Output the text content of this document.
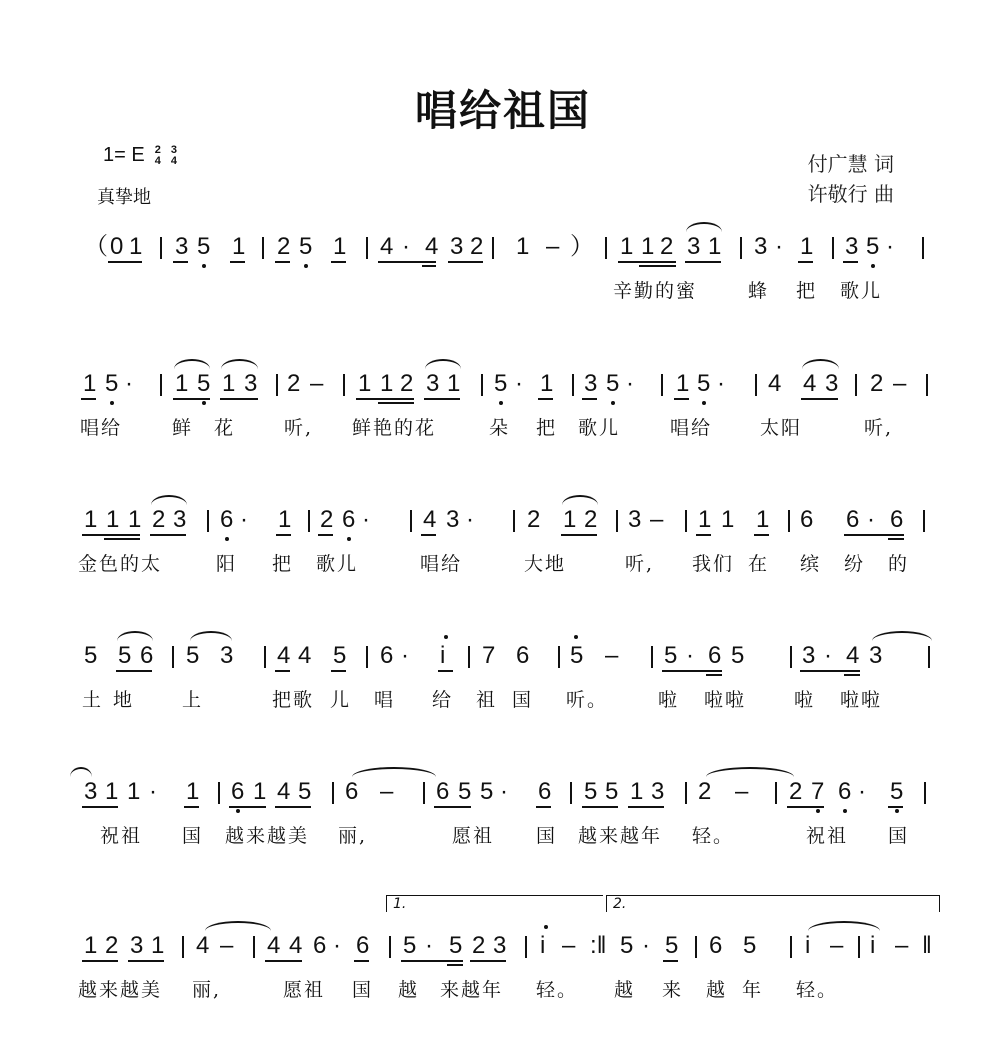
唱给祖国
1= E 2
4
3
4
真挚地
付广慧 词
许敬行 曲
（ 0 1 3 5 1 2 5 1 4 · 4 3 2 1 – ） 1 1 2 3 1 3 · 1 3 5 ·
辛勤的蜜	蜂 把 歌儿
1 5 · 1 5 1 3 2 – 1 1 2 3 1 5 · 1 3 5 · 1 5 · 4 4 3 2 –
唱给	鲜 花	听, 鲜艳的花	朵 把 歌儿	唱给	太阳	听,
1 1 1 2 3 6 · 1 2 6 · 4 3 · 2 1 2 3 – 1 1 1 6 6 · 6
金色的太	阳 把 歌儿	唱给	大地	听, 我们 在 缤 纷 的
5 5 6 5 3 4 4 5 6 · i 7 6 5 – 5 · 6 5 3 · 4 3
土 地	上	把歌 儿 唱 给 祖 国 听。	啦 啦啦	啦 啦啦
3 1 1 · 1 6 1 4 5 6 – 6 5 5 · 6 5 5 1 3 2 – 2 7 6 · 5
祝祖 国 越来越美 丽,	愿祖 国 越来越年 轻。	祝祖 国
1 2 3 1 4 – 4 4 6 · 6 5 · 5 2 3 i – :‖ 5 · 5 6 5 i – i – ‖
越来越美 丽,	愿祖 国 越 来越年 轻。 越 来 越 年 轻。
1.	2.
